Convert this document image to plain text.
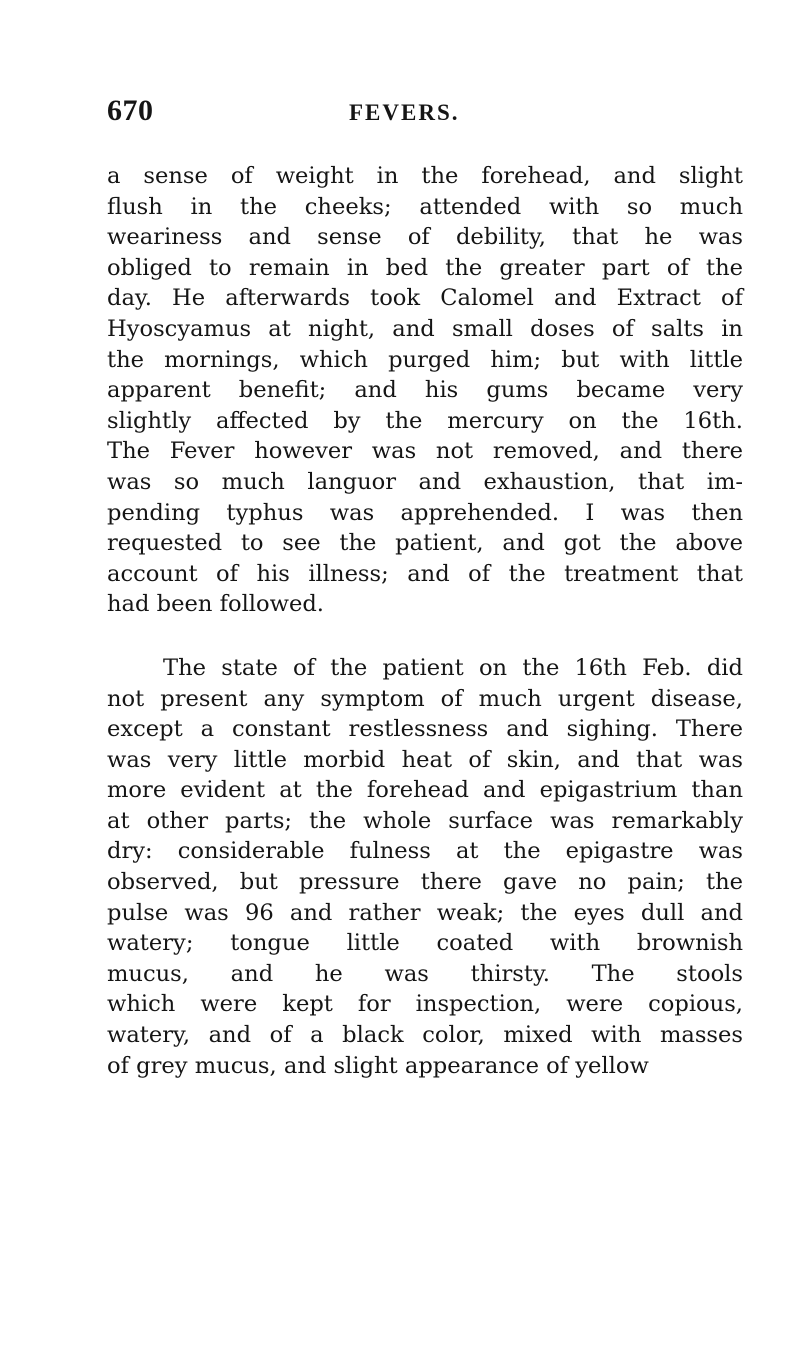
670	FEVERS.
a sense of weight in the forehead, and slight
flush in the cheeks; attended with so much
weariness and sense of debility, that he was
obliged to remain in bed the greater part of the
day. He afterwards took Calomel and Extract of
Hyoscyamus at night, and small doses of salts in
the mornings, which purged him; but with little
apparent benefit; and his gums became very
slightly affected by the mercury on the 16th.
The Fever however was not removed, and there
was so much languor and exhaustion, that im-
pending typhus was apprehended. I was then
requested to see the patient, and got the above
account of his illness; and of the treatment that
had been followed.
The state of the patient on the 16th Feb. did
not present any symptom of much urgent disease,
except a constant restlessness and sighing. There
was very little morbid heat of skin, and that was
more evident at the forehead and epigastrium than
at other parts; the whole surface was remarkably
dry: considerable fulness at the epigastre was
observed, but pressure there gave no pain; the
pulse was 96 and rather weak; the eyes dull and
watery; tongue little coated with brownish
mucus, and he was thirsty. The stools
which were kept for inspection, were copious,
watery, and of a black color, mixed with masses
of grey mucus, and slight appearance of yellow
